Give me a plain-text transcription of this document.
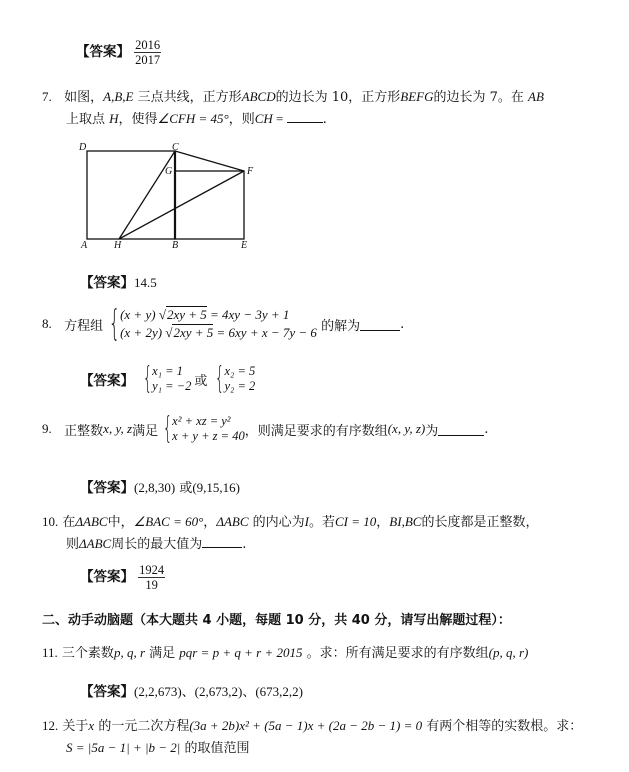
【答案】 $\frac{2016}{2017}$
7. 如图，A,B,E 三点共线，正方形ABCD的边长为 10，正方形BEFG的边长为 7。在 AB
上取点 H，使得∠CFH = 45°，则CH =	.
D	C
G	F
A	H	B	E
【答案】14.5
8.
方程组 { (x + y) √2xy + 5 = 4xy − 3y + 1
(x + 2y) √2xy + 5 = 6xy + x − 7y − 6
的解为	.
【答案】 { x₁ = 1
y₁ = −2 或 { x₂ = 5
y₂ = 2
9.
正整数 x, y, z 满足 { x² + xz = y²
x + y + z = 40 ，则满足要求的有序数组 (x, y, z) 为	.
【答案】(2,8,30) 或(9,15,16)
10. 在ΔABC中，∠BAC = 60°，ΔABC 的内心为I。若CI = 10，BI,BC的长度都是正整数，
则ΔABC周长的最大值为	.
【答案】 $\frac{1924}{19}$
二、动手动脑题（本大题共 4 小题，每题 10 分，共 40 分，请写出解题过程）：
11. 三个素数p, q, r 满足 pqr = p + q + r + 2015 。求：所有满足要求的有序数组(p, q, r)
【答案】(2,2,673)、(2,673,2)、(673,2,2)
12. 关于x 的一元二次方程(3a + 2b)x² + (5a − 1)x + (2a − 2b − 1) = 0 有两个相等的实数根。求：
S = |5a − 1| + |b − 2| 的取值范围
